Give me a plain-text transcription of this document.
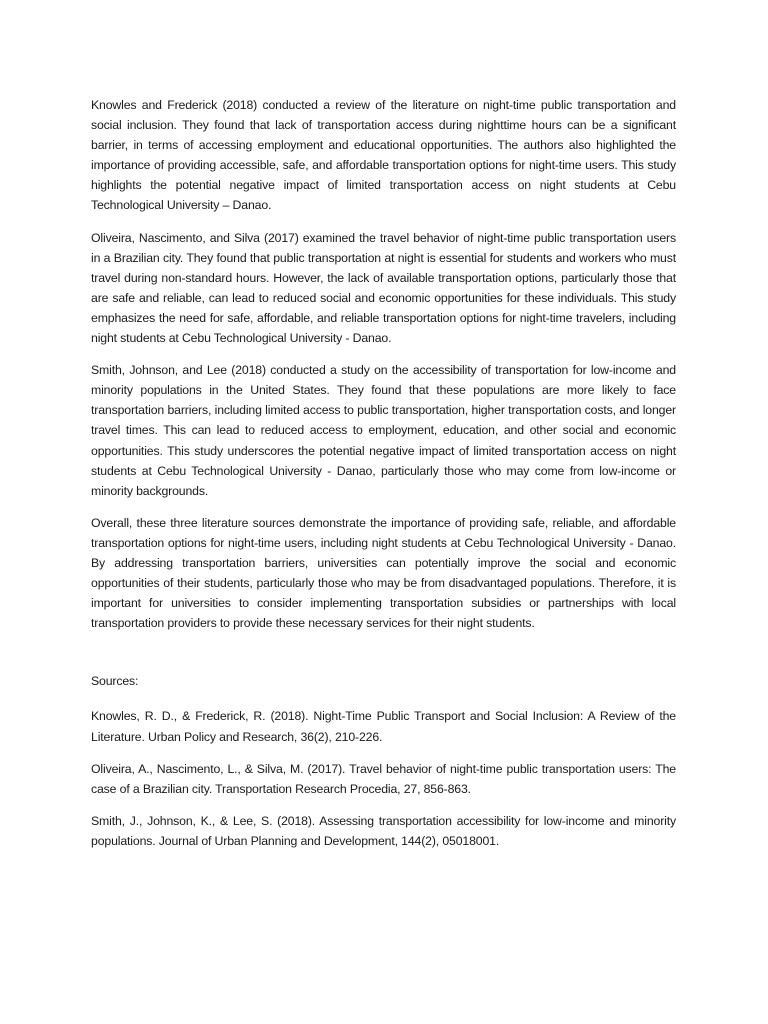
Knowles and Frederick (2018) conducted a review of the literature on night-time public transportation and social inclusion. They found that lack of transportation access during nighttime hours can be a significant barrier, in terms of accessing employment and educational opportunities. The authors also highlighted the importance of providing accessible, safe, and affordable transportation options for night-time users. This study highlights the potential negative impact of limited transportation access on night students at Cebu Technological University – Danao.

Oliveira, Nascimento, and Silva (2017) examined the travel behavior of night-time public transportation users in a Brazilian city. They found that public transportation at night is essential for students and workers who must travel during non-standard hours. However, the lack of available transportation options, particularly those that are safe and reliable, can lead to reduced social and economic opportunities for these individuals. This study emphasizes the need for safe, affordable, and reliable transportation options for night-time travelers, including night students at Cebu Technological University - Danao.

Smith, Johnson, and Lee (2018) conducted a study on the accessibility of transportation for low-income and minority populations in the United States. They found that these populations are more likely to face transportation barriers, including limited access to public transportation, higher transportation costs, and longer travel times. This can lead to reduced access to employment, education, and other social and economic opportunities. This study underscores the potential negative impact of limited transportation access on night students at Cebu Technological University - Danao, particularly those who may come from low-income or minority backgrounds.

Overall, these three literature sources demonstrate the importance of providing safe, reliable, and affordable transportation options for night-time users, including night students at Cebu Technological University - Danao. By addressing transportation barriers, universities can potentially improve the social and economic opportunities of their students, particularly those who may be from disadvantaged populations. Therefore, it is important for universities to consider implementing transportation subsidies or partnerships with local transportation providers to provide these necessary services for their night students.

Sources:

Knowles, R. D., & Frederick, R. (2018). Night-Time Public Transport and Social Inclusion: A Review of the Literature. Urban Policy and Research, 36(2), 210-226.

Oliveira, A., Nascimento, L., & Silva, M. (2017). Travel behavior of night-time public transportation users: The case of a Brazilian city. Transportation Research Procedia, 27, 856-863.

Smith, J., Johnson, K., & Lee, S. (2018). Assessing transportation accessibility for low-income and minority populations. Journal of Urban Planning and Development, 144(2), 05018001.
